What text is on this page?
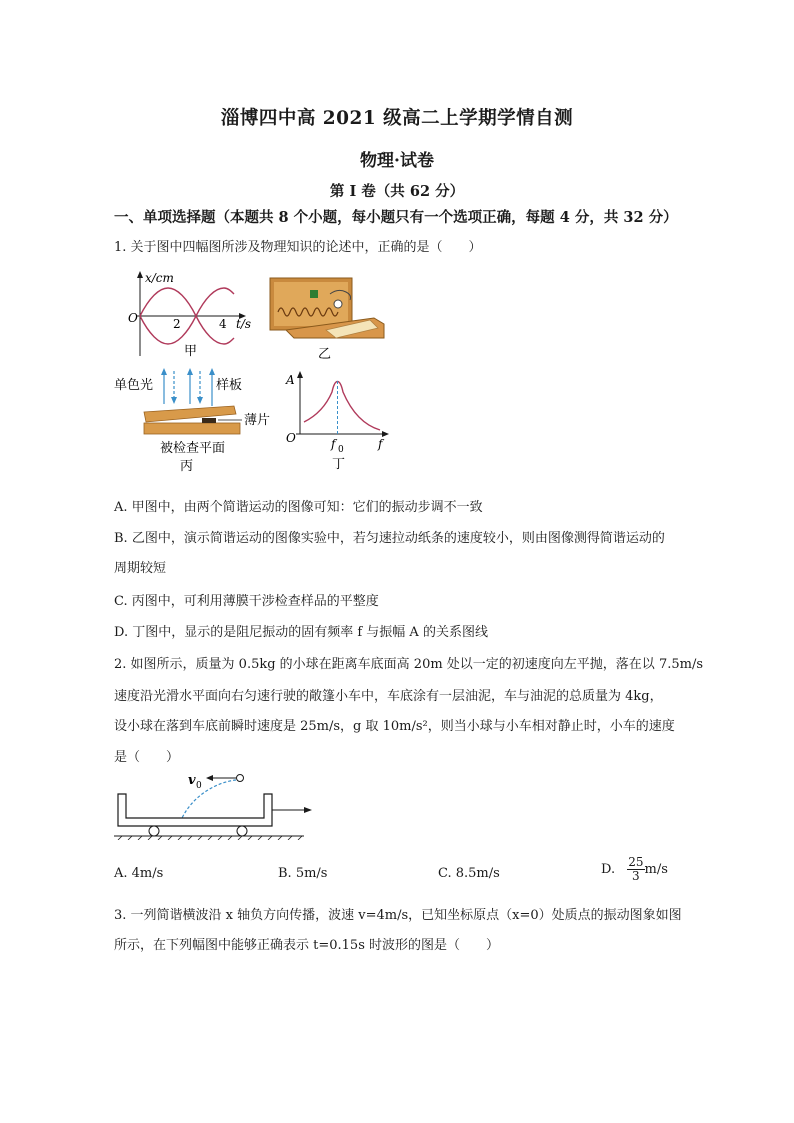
淄博四中高 2021 级高二上学期学情自测
物理·试卷
第 I 卷（共 62 分）
一、单项选择题（本题共 8 个小题，每小题只有一个选项正确，每题 4 分，共 32 分）
1. 关于图中四幅图所涉及物理知识的论述中，正确的是（　　）
x/cm
O	2	4 t/s
甲	乙
单色光	样板
薄片
被检查平面
丙
A
O	f 0	f
丁
A. 甲图中，由两个简谐运动的图像可知：它们的振动步调不一致
B. 乙图中，演示简谐运动的图像实验中，若匀速拉动纸条的速度较小，则由图像测得简谐运动的
周期较短
C. 丙图中，可利用薄膜干涉检查样品的平整度
D. 丁图中，显示的是阻尼振动的固有频率 f 与振幅 A 的关系图线
2. 如图所示，质量为 0.5kg 的小球在距离车底面高 20m 处以一定的初速度向左平抛，落在以 7.5m/s
速度沿光滑水平面向右匀速行驶的敞篷小车中，车底涂有一层油泥，车与油泥的总质量为 4kg，
设小球在落到车底前瞬时速度是 25m/s，g 取 10m/s²，则当小球与小车相对静止时，小车的速度
是（　　）
v 0
A. 4m/s	B. 5m/s	C. 8.5m/s	D. $\frac{25}{3} m/s$
3. 一列简谐横波沿 x 轴负方向传播，波速 v=4m/s，已知坐标原点（x=0）处质点的振动图象如图
所示，在下列幅图中能够正确表示 t=0.15s 时波形的图是（　　）
